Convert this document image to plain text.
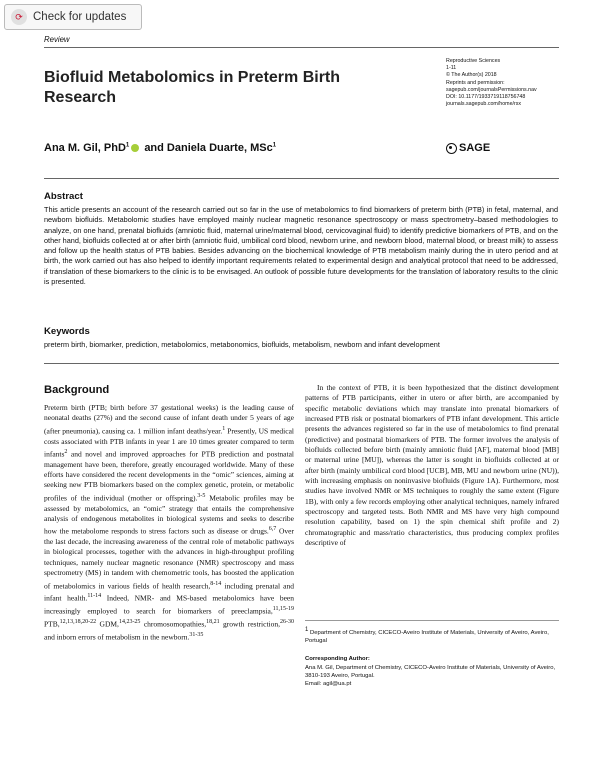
⟳ Check for updates
Review

Reproductive Sciences

1-11

© The Author(s) 2018

Reprints and permission:

sagepub.com/journalsPermissions.nav

DOI: 10.1177/1933719118756748

journals.sagepub.com/home/rsx

SAGE
Biofluid Metabolomics in Preterm Birth Research
Ana M. Gil, PhD$^1$ and Daniela Duarte, MSc$^1$
Abstract
This article presents an account of the research carried out so far in the use of metabolomics to find biomarkers of preterm birth (PTB) in fetal, maternal, and newborn biofluids. Metabolomic studies have employed mainly nuclear magnetic resonance spectroscopy or mass spectrometry–based methodologies to analyze, on one hand, prenatal biofluids (amniotic fluid, maternal urine/maternal blood, cervicovaginal fluid) to identify predictive biomarkers of PTB, and on the other hand, biofluids collected at or after birth (amniotic fluid, umbilical cord blood, newborn urine, and newborn blood, maternal blood, or breast milk) to assess and follow up the health status of PTB babies. Besides advancing on the biochemical knowledge of PTB metabolism mainly during the in utero period and at birth, the work carried out has also helped to identify important requirements related to experimental design and analytical protocol that need to be addressed, if translation of these biomarkers to the clinic is to be envisaged. An outlook of possible future developments for the translation of laboratory results to the clinic is presented.
Keywords
preterm birth, biomarker, prediction, metabolomics, metabonomics, biofluids, metabolism, newborn and infant development
Background

Preterm birth (PTB; birth before 37 gestational weeks) is the leading cause of neonatal deaths (27%) and the second cause of infant death under 5 years of age (after pneumonia), causing ca. 1 million infant deaths/year.$^1$ Presently, US medical costs associated with PTB infants in year 1 are 10 times greater compared to term infants$^2$ and novel and improved approaches for PTB prediction and postnatal management have been, therefore, greatly encouraged worldwide. Many of these efforts have considered the recent developments in the “omic” sciences, aiming at seeking new PTB biomarkers based on the complex genetic, protein, or metabolic profiles of the individual (mother or offspring).$^{3-5}$ Metabolic profiles may be assessed by metabolomics, an “omic” strategy that entails the comprehensive analysis of endogenous metabolites in biological systems and seeks to describe how the metabolome responds to stress factors such as disease or drugs.$^{6,7}$ Over the last decade, the increasing awareness of the central role of metabolic pathways in biological processes, together with the advances in high-throughput profiling techniques, namely nuclear magnetic resonance (NMR) spectroscopy and mass spectrometry (MS) in tandem with chemometric tools, has boosted the application of metabolomics in various fields of health research,$^{8-14}$ including prenatal and infant health.$^{11-14}$ Indeed, NMR- and MS-based metabolomics have been increasingly employed to search for biomarkers of preeclampsia,$^{11,15-19}$ PTB,$^{12,13,18,20-22}$ GDM,$^{14,23-25}$ chromosomopathies,$^{18,21}$ growth restriction,$^{26-30}$ and inborn errors of metabolism in the newborn.$^{31-35}$

In the context of PTB, it is been hypothesized that the distinct development patterns of PTB participants, either in utero or after birth, are accompanied by specific metabolic deviations which may translate into prenatal biomarkers of increased PTB risk or postnatal biomarkers of PTB infant development. This article presents the advances registered so far in the use of metabolomics to find prenatal (predictive) and postnatal biomarkers of PTB. The former involves the analysis of biofluids collected before birth (mainly amniotic fluid [AF], maternal blood [MB] or maternal urine [MU]), whereas the latter is sought in biofluids collected at or after birth (mainly umbilical cord blood [UCB], MB, MU and newborn urine (NU)), with increasing emphasis on noninvasive biofluids (Figure 1A). Furthermore, most studies have involved NMR or MS techniques to roughly the same extent (Figure 1B), with only a few records employing other analytical techniques, namely infrared spectroscopy and targeted tests. Both NMR and MS have very high compound resolution capability, based on 1) the spin chemical shift profile and 2) chromatographic and mass/ratio characteristics, thus producing complex profiles descriptive of

$^1$ Department of Chemistry, CICECO-Aveiro Institute of Materials, University of Aveiro, Aveiro, Portugal

Corresponding Author:

Ana M. Gil, Department of Chemistry, CICECO-Aveiro Institute of Materials, University of Aveiro, 3810-193 Aveiro, Portugal.

Email: agil@ua.pt
